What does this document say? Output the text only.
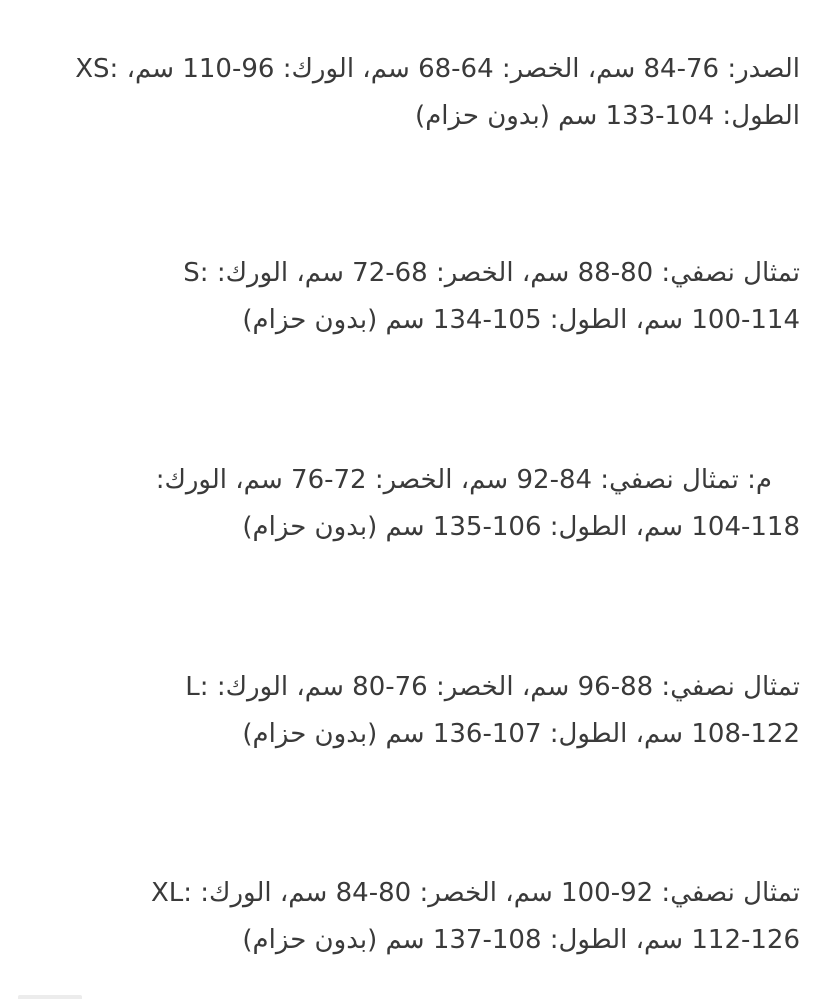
الصدر: 76-84 سم، الخصر: 64-68 سم، الورك: 96-110 سم، :XS
الطول: 104-133 سم (بدون حزام)
تمثال نصفي: 80-88 سم، الخصر: 68-72 سم، الورك: :S
100-114 سم، الطول: 105-134 سم (بدون حزام)
م: تمثال نصفي: 84-92 سم، الخصر: 72-76 سم، الورك:
104-118 سم، الطول: 106-135 سم (بدون حزام)
تمثال نصفي: 88-96 سم، الخصر: 76-80 سم، الورك: :L
108-122 سم، الطول: 107-136 سم (بدون حزام)
تمثال نصفي: 92-100 سم، الخصر: 80-84 سم، الورك: :XL
112-126 سم، الطول: 108-137 سم (بدون حزام)
